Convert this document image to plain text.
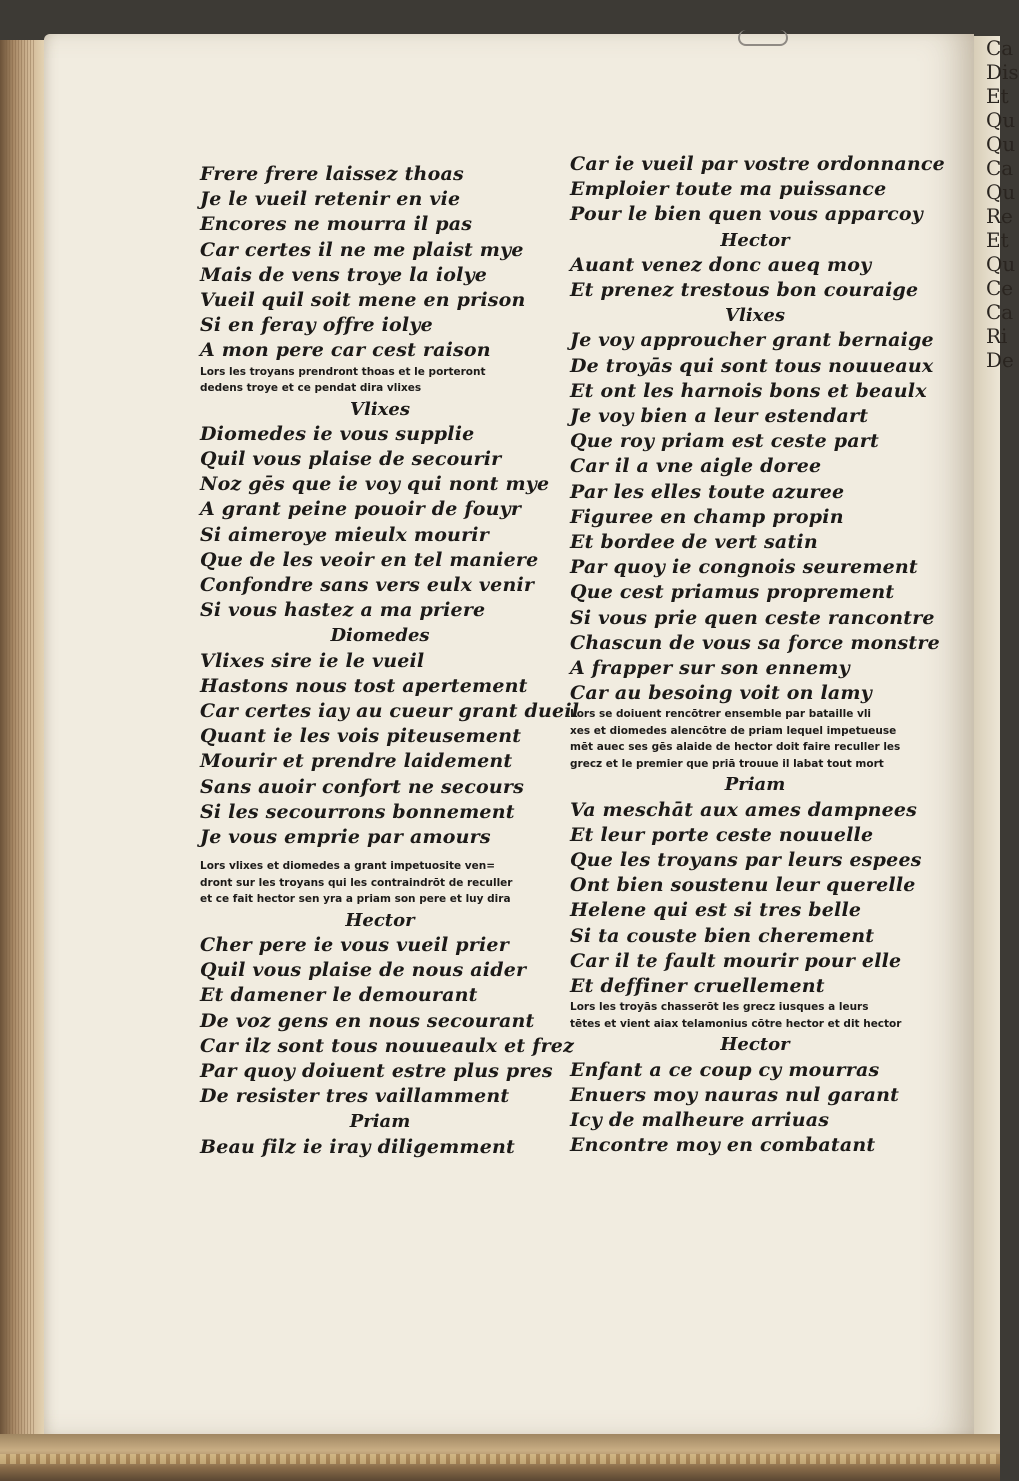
Ca
Dis
Et
Qu
Qu
Ca
Qu
Re
Et
Qu
Ce
Ca
Ri
De
Frere frere laissez thoas
Je le vueil retenir en vie
Encores ne mourra il pas
Car certes il ne me plaist mye
Mais de vens troye la iolye
Vueil quil soit mene en prison
Si en feray offre iolye
A mon pere car cest raison
Lors les troyans prendront thoas et le porteront
dedens troye et ce pendat dira vlixes
Vlixes
Diomedes ie vous supplie
Quil vous plaise de secourir
Noz gēs que ie voy qui nont mye
A grant peine pouoir de fouyr
Si aimeroye mieulx mourir
Que de les veoir en tel maniere
Confondre sans vers eulx venir
Si vous hastez a ma priere
Diomedes
Vlixes sire ie le vueil
Hastons nous tost apertement
Car certes iay au cueur grant dueil
Quant ie les vois piteusement
Mourir et prendre laidement
Sans auoir confort ne secours
Si les secourrons bonnement
Je vous emprie par amours
Lors vlixes et diomedes a grant impetuosite ven=
dront sur les troyans qui les contraindrōt de reculler
et ce fait hector sen yra a priam son pere et luy dira
Hector
Cher pere ie vous vueil prier
Quil vous plaise de nous aider
Et damener le demourant
De voz gens en nous secourant
Car ilz sont tous nouueaulx et frez
Par quoy doiuent estre plus pres
De resister tres vaillamment
Priam
Beau filz ie iray diligemment
Car ie vueil par vostre ordonnance
Emploier toute ma puissance
Pour le bien quen vous apparcoy
Hector
Auant venez donc aueq moy
Et prenez trestous bon couraige
Vlixes
Je voy approucher grant bernaige
De troyās qui sont tous nouueaux
Et ont les harnois bons et beaulx
Je voy bien a leur estendart
Que roy priam est ceste part
Car il a vne aigle doree
Par les elles toute azuree
Figuree en champ propin
Et bordee de vert satin
Par quoy ie congnois seurement
Que cest priamus proprement
Si vous prie quen ceste rancontre
Chascun de vous sa force monstre
A frapper sur son ennemy
Car au besoing voit on lamy
Lors se doiuent rencōtrer ensemble par bataille vli
xes et diomedes alencōtre de priam lequel impetueuse
mēt auec ses gēs alaide de hector doit faire reculler les
grecz et le premier que priā trouue il labat tout mort
Priam
Va meschāt aux ames dampnees
Et leur porte ceste nouuelle
Que les troyans par leurs espees
Ont bien soustenu leur querelle
Helene qui est si tres belle
Si ta couste bien cherement
Car il te fault mourir pour elle
Et deffiner cruellement
Lors les troyās chasserōt les grecz iusques a leurs
tētes et vient aiax telamonius cōtre hector et dit hector
Hector
Enfant a ce coup cy mourras
Enuers moy nauras nul garant
Icy de malheure arriuas
Encontre moy en combatant
